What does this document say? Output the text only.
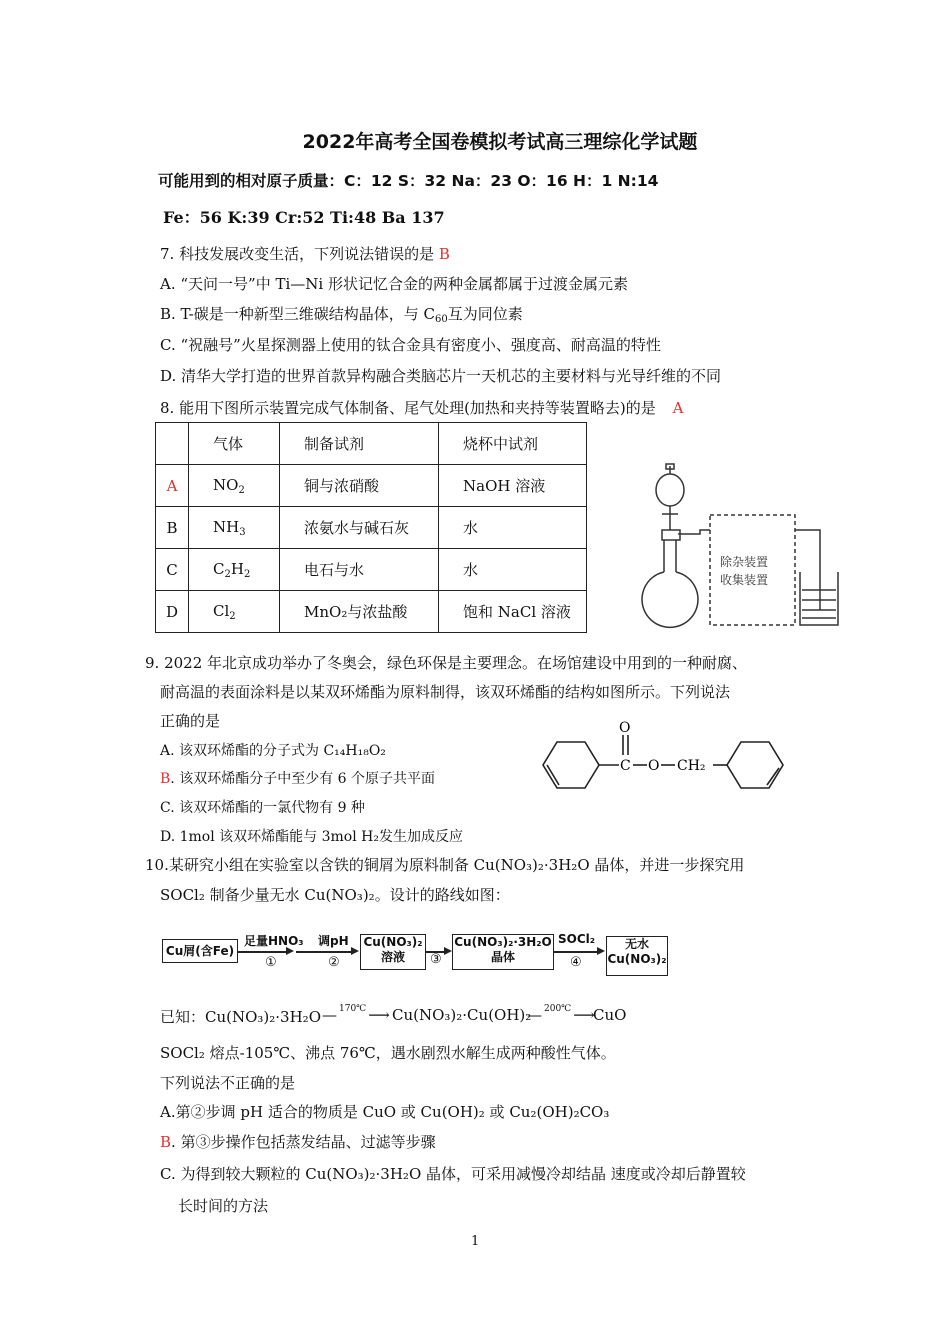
2022年高考全国卷模拟考试高三理综化学试题
可能用到的相对原子质量：C：12 S：32 Na：23 O：16 H：1 N:14
Fe：56 K:39 Cr:52 Ti:48 Ba 137
7. 科技发展改变生活，下列说法错误的是 B
A. “天问一号”中 Ti—Ni 形状记忆合金的两种金属都属于过渡金属元素
B. T-碳是一种新型三维碳结构晶体，与 $C_{60}$互为同位素
C. “祝融号”火星探测器上使用的钛合金具有密度小、强度高、耐高温的特性
D. 清华大学打造的世界首款异构融合类脑芯片一天机芯的主要材料与光导纤维的不同
8. 能用下图所示装置完成气体制备、尾气处理(加热和夹持等装置略去)的是 A
	气体	制备试剂	烧杯中试剂
A	$NO_2$	铜与浓硝酸	NaOH 溶液
B	$NH_3$	浓氨水与碱石灰	水
C	$C_2H_2$	电石与水	水
D	$Cl_2$	MnO₂与浓盐酸	饱和 NaCl 溶液
除杂装置
收集装置
9. 2022 年北京成功举办了冬奥会，绿色环保是主要理念。在场馆建设中用到的一种耐腐、
耐高温的表面涂料是以某双环烯酯为原料制得，该双环烯酯的结构如图所示。下列说法
正确的是
A. 该双环烯酯的分子式为 C₁₄H₁₈O₂
B. 该双环烯酯分子中至少有 6 个原子共平面
C. 该双环烯酯的一氯代物有 9 种
D. 1mol 该双环烯酯能与 3mol H₂发生加成反应
O
C O CH₂
10.某研究小组在实验室以含铁的铜屑为原料制备 Cu(NO₃)₂·3H₂O 晶体，并进一步探究用
SOCl₂ 制备少量无水 Cu(NO₃)₂。设计的路线如图：
Cu屑(含Fe)
足量HNO₃
①
调pH
②
Cu(NO₃)₂
溶液	③
Cu(NO₃)₂·3H₂O
晶体
SOCl₂
④
无水
Cu(NO₃)₂
已知：Cu(NO₃)₂·3H₂O — $^{170℃}$ ⟶ Cu(NO₃)₂·Cu(OH)₂
— $^{200℃}$ ⟶
CuO
SOCl₂ 熔点-105℃、沸点 76℃，遇水剧烈水解生成两种酸性气体。
下列说法不正确的是
A.第②步调 pH 适合的物质是 CuO 或 Cu(OH)₂ 或 Cu₂(OH)₂CO₃
B. 第③步操作包括蒸发结晶、过滤等步骤
C. 为得到较大颗粒的 Cu(NO₃)₂·3H₂O 晶体，可采用减慢冷却结晶 速度或冷却后静置较
长时间的方法
1
